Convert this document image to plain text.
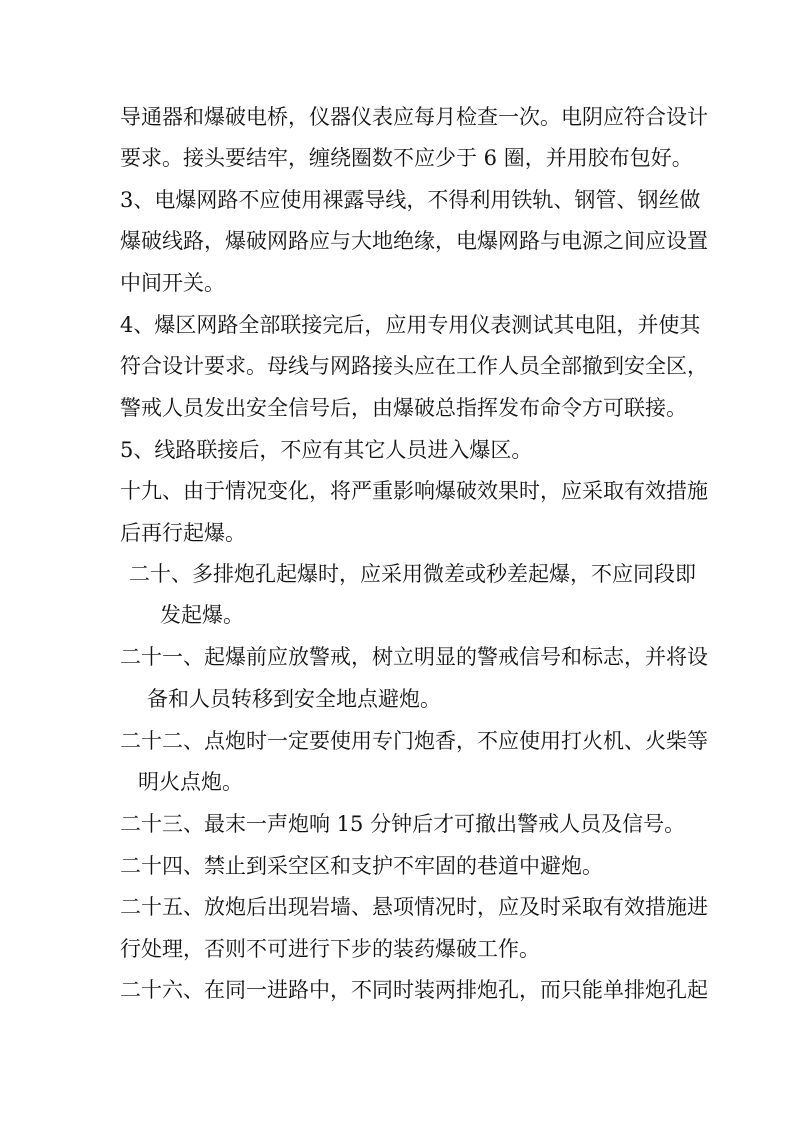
导通器和爆破电桥，仪器仪表应每月检查一次。电阴应符合设计
要求。接头要结牢，缠绕圈数不应少于 6 圈，并用胶布包好。
3、电爆网路不应使用裸露导线，不得利用铁轨、钢管、钢丝做
爆破线路，爆破网路应与大地绝缘，电爆网路与电源之间应设置
中间开关。
4、爆区网路全部联接完后，应用专用仪表测试其电阻，并使其
符合设计要求。母线与网路接头应在工作人员全部撤到安全区，
警戒人员发出安全信号后，由爆破总指挥发布命令方可联接。
5、线路联接后，不应有其它人员进入爆区。
十九、由于情况变化，将严重影响爆破效果时，应采取有效措施
后再行起爆。
二十、多排炮孔起爆时，应采用微差或秒差起爆，不应同段即
发起爆。
二十一、起爆前应放警戒，树立明显的警戒信号和标志，并将设
备和人员转移到安全地点避炮。
二十二、点炮时一定要使用专门炮香，不应使用打火机、火柴等
明火点炮。
二十三、最末一声炮响 15 分钟后才可撤出警戒人员及信号。
二十四、禁止到采空区和支护不牢固的巷道中避炮。
二十五、放炮后出现岩墙、悬项情况时，应及时采取有效措施进
行处理，否则不可进行下步的装药爆破工作。
二十六、在同一进路中，不同时装两排炮孔，而只能单排炮孔起
